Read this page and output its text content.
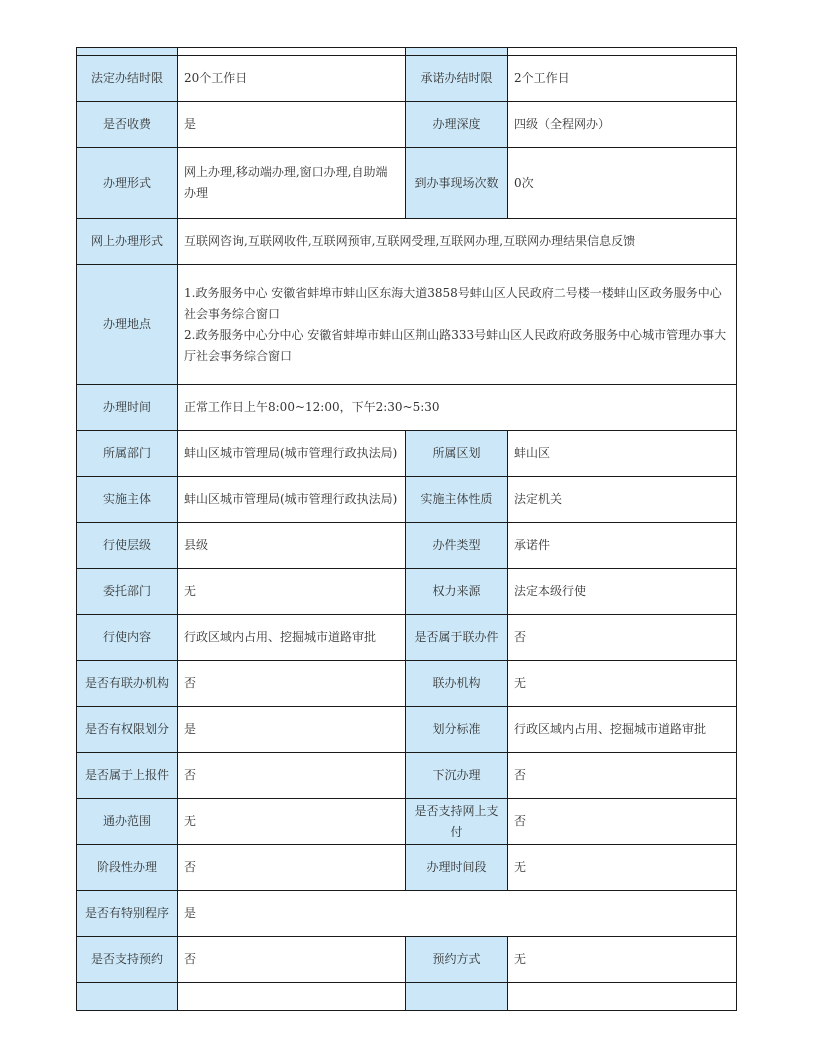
法定办结时限	20个工作日	承诺办结时限	2个工作日
是否收费	是	办理深度	四级（全程网办）
办理形式	网上办理,移动端办理,窗口办理,自助端办理	到办事现场次数	0次
网上办理形式	互联网咨询,互联网收件,互联网预审,互联网受理,互联网办理,互联网办理结果信息反馈		
办理地点	1.政务服务中心 安徽省蚌埠市蚌山区东海大道3858号蚌山区人民政府二号楼一楼蚌山区政务服务中心社会事务综合窗口

2.政务服务中心分中心 安徽省蚌埠市蚌山区荆山路333号蚌山区人民政府政务服务中心城市管理办事大厅社会事务综合窗口		

办理时间	正常工作日上午8:00~12:00，下午2:30~5:30		
所属部门	蚌山区城市管理局(城市管理行政执法局)	所属区划	蚌山区
实施主体	蚌山区城市管理局(城市管理行政执法局)	实施主体性质	法定机关
行使层级	县级	办件类型	承诺件
委托部门	无	权力来源	法定本级行使
行使内容	行政区域内占用、挖掘城市道路审批	是否属于联办件	否
是否有联办机构	否	联办机构	无
是否有权限划分	是	划分标准	行政区域内占用、挖掘城市道路审批
是否属于上报件	否	下沉办理	否
通办范围	无	是否支持网上支付	否
阶段性办理	否	办理时间段	无
是否有特别程序	是		
是否支持预约	否	预约方式	无
